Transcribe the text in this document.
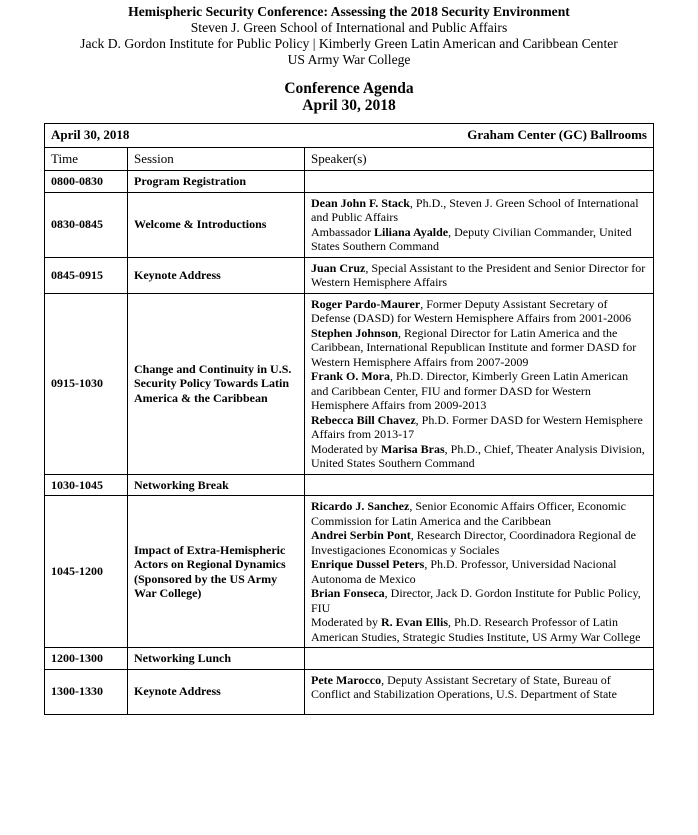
Hemispheric Security Conference: Assessing the 2018 Security Environment
Steven J. Green School of International and Public Affairs
Jack D. Gordon Institute for Public Policy | Kimberly Green Latin American and Caribbean Center
US Army War College
Conference Agenda
April 30, 2018
April 30, 2018 Graham Center (GC) Ballrooms		

Time	Session	Speaker(s)
0800-0830	Program Registration	
0830-0845	Welcome & Introductions	Dean John F. Stack, Ph.D., Steven J. Green School of International and Public Affairs
Ambassador Liliana Ayalde, Deputy Civilian Commander, United States Southern Command

0845-0915	Keynote Address	Juan Cruz, Special Assistant to the President and Senior Director for Western Hemisphere Affairs

0915-1030	Change and Continuity in U.S. Security Policy Towards Latin America & the Caribbean	Roger Pardo-Maurer, Former Deputy Assistant Secretary of Defense (DASD) for Western Hemisphere Affairs from 2001-2006
Stephen Johnson, Regional Director for Latin America and the Caribbean, International Republican Institute and former DASD for Western Hemisphere Affairs from 2007-2009
Frank O. Mora, Ph.D. Director, Kimberly Green Latin American and Caribbean Center, FIU and former DASD for Western Hemisphere Affairs from 2009-2013
Rebecca Bill Chavez, Ph.D. Former DASD for Western Hemisphere Affairs from 2013-17
Moderated by Marisa Bras, Ph.D., Chief, Theater Analysis Division, United States Southern Command

1030-1045	Networking Break	
1045-1200	Impact of Extra-Hemispheric Actors on Regional Dynamics (Sponsored by the US Army War College)	Ricardo J. Sanchez, Senior Economic Affairs Officer, Economic Commission for Latin America and the Caribbean
Andrei Serbin Pont, Research Director, Coordinadora Regional de Investigaciones Economicas y Sociales
Enrique Dussel Peters, Ph.D. Professor, Universidad Nacional Autonoma de Mexico
Brian Fonseca, Director, Jack D. Gordon Institute for Public Policy, FIU
Moderated by R. Evan Ellis, Ph.D. Research Professor of Latin American Studies, Strategic Studies Institute, US Army War College

1200-1300	Networking Lunch	
1300-1330	Keynote Address	Pete Marocco, Deputy Assistant Secretary of State, Bureau of Conflict and Stabilization Operations, U.S. Department of State
